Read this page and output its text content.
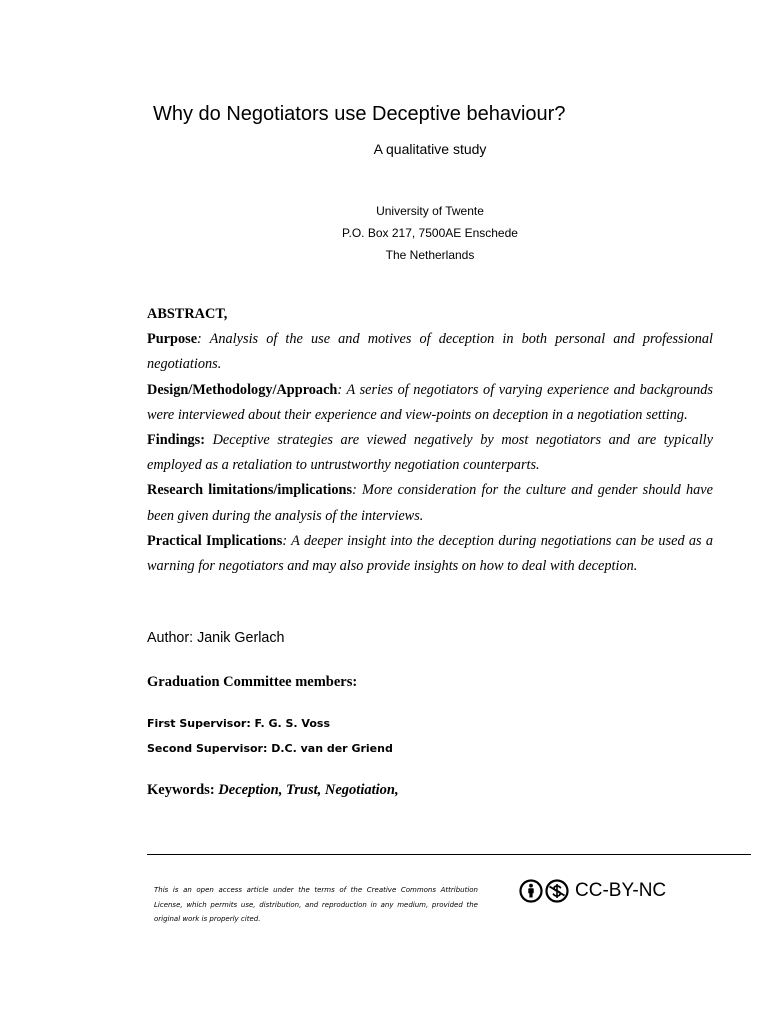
Why do Negotiators use Deceptive behaviour?
A qualitative study
University of Twente
P.O. Box 217, 7500AE Enschede
The Netherlands

ABSTRACT,

Purpose: Analysis of the use and motives of deception in both personal and professional negotiations.

Design/Methodology/Approach: A series of negotiators of varying experience and backgrounds were interviewed about their experience and view-points on deception in a negotiation setting.

Findings: Deceptive strategies are viewed negatively by most negotiators and are typically employed as a retaliation to untrustworthy negotiation counterparts.

Research limitations/implications: More consideration for the culture and gender should have been given during the analysis of the interviews.

Practical Implications: A deeper insight into the deception during negotiations can be used as a warning for negotiators and may also provide insights on how to deal with deception.

Author: Janik Gerlach
Graduation Committee members:
First Supervisor: F. G. S. Voss
Second Supervisor: D.C. van der Griend
Keywords: Deception, Trust, Negotiation,
This is an open access article under the terms of the Creative Commons Attribution License, which permits use, distribution, and reproduction in any medium, provided the original work is properly cited.
CC-BY-NC
